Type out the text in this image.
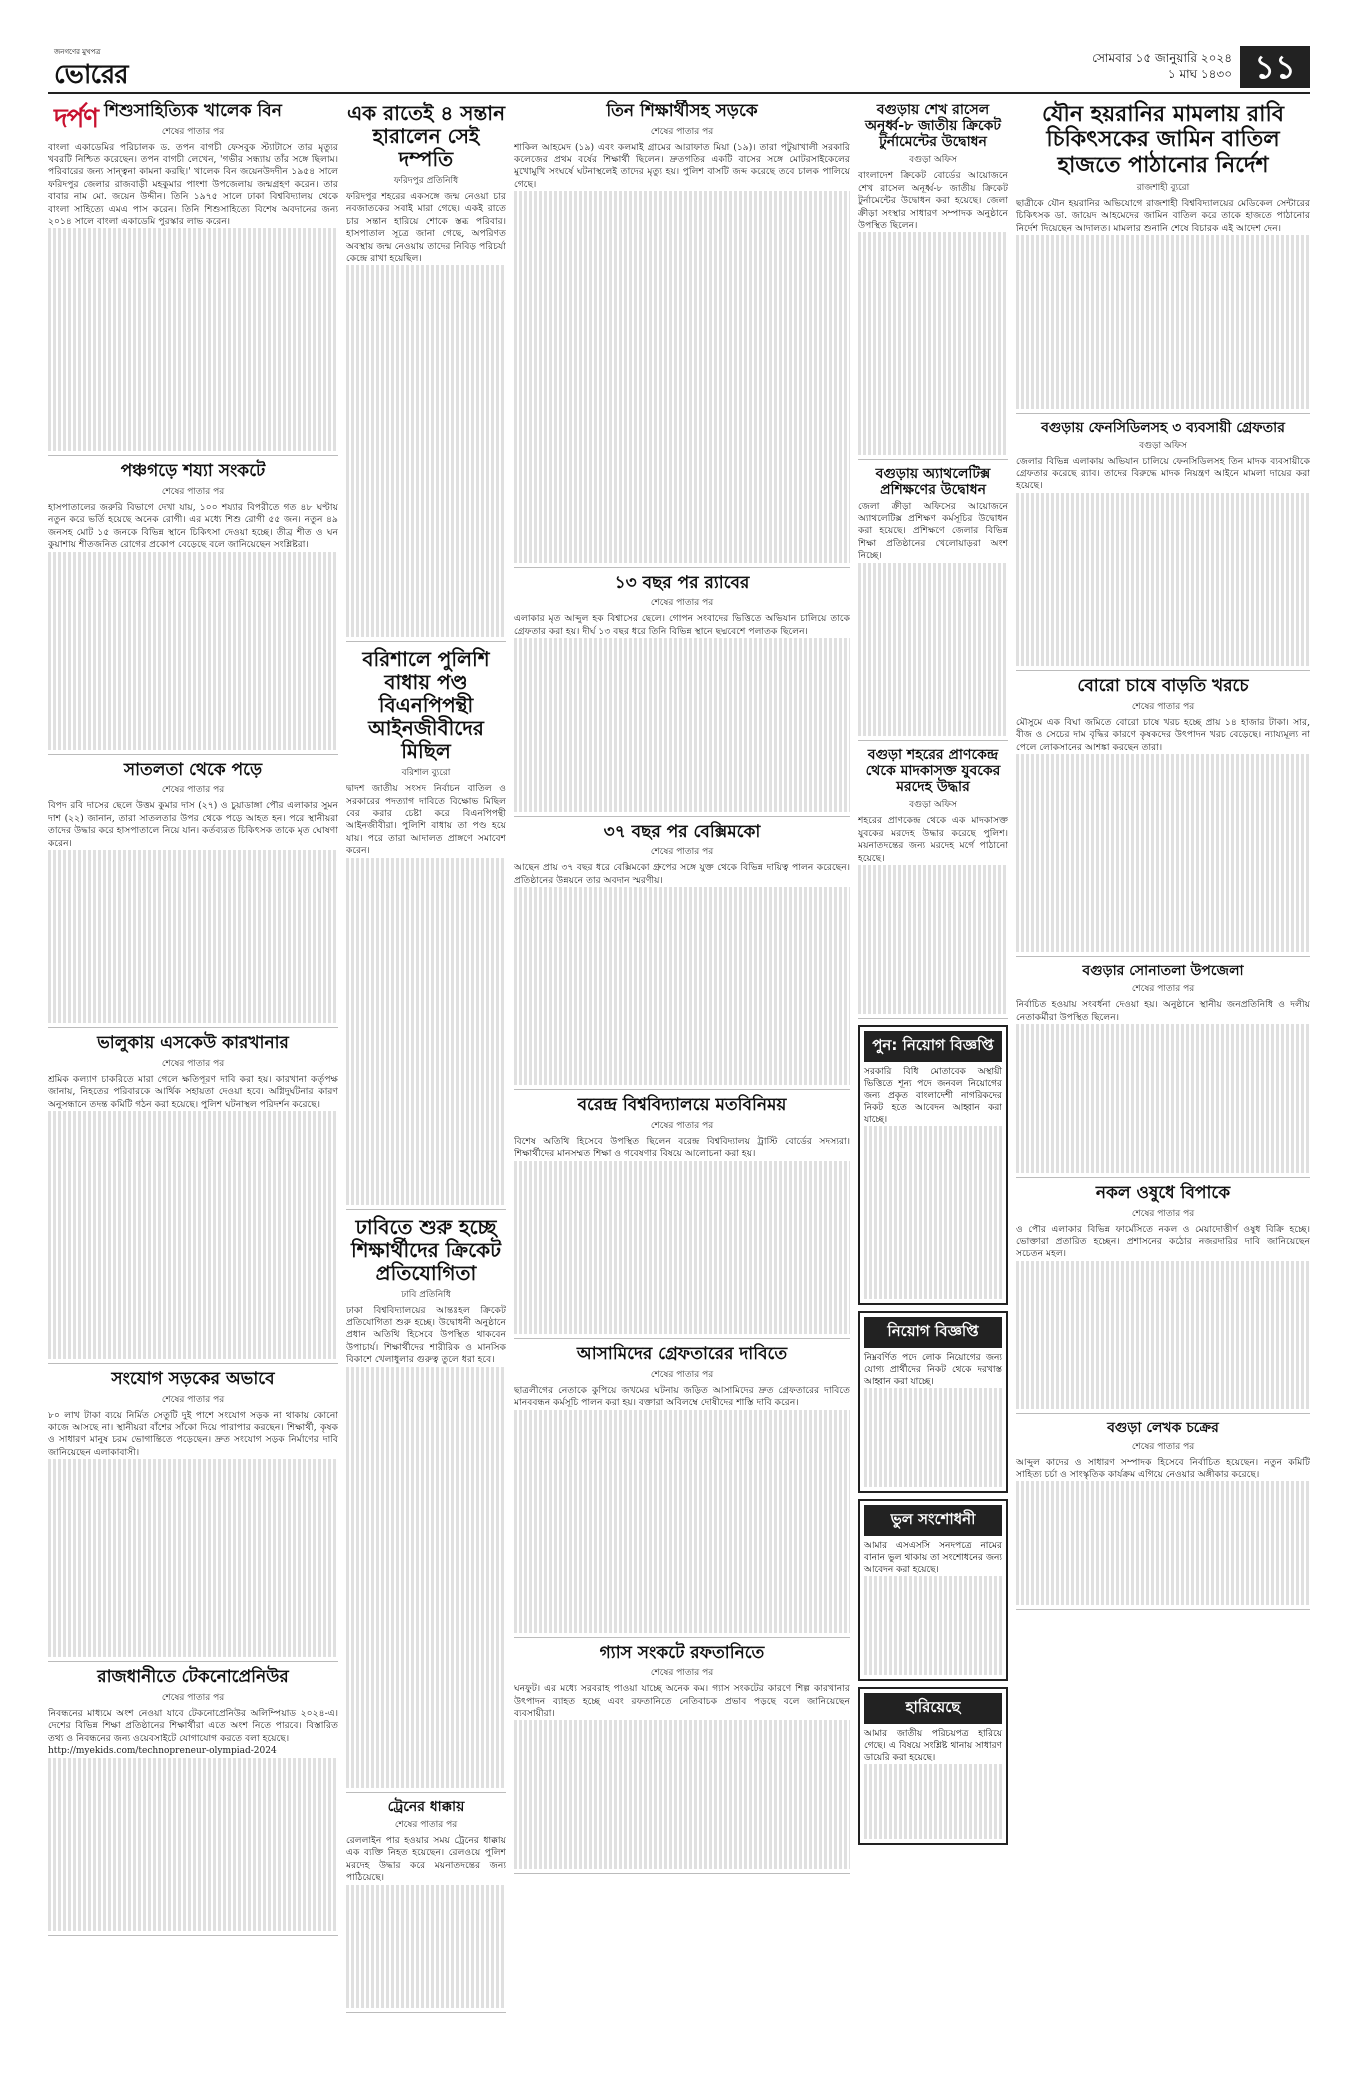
জনগণের মুখপত্র
ভোরের দর্পণ
সোমবার ১৫ জানুয়ারি ২০২৪
১ মাঘ ১৪৩০ ১১
শিশুসাহিত্যিক খালেক বিন
শেষের পাতার পর
বাংলা একাডেমির পরিচালক ড. তপন বাগচী ফেসবুক স্ট্যাটাসে তার মৃত্যুর খবরটি নিশ্চিত করেছেন। তপন বাগচী লেখেন, 'গভীর সন্ধ্যায় তাঁর সঙ্গে ছিলাম। পরিবারের জন্য সান্ত্বনা কামনা করছি।' খালেক বিন জয়েনউদদীন ১৯৫৪ সালে ফরিদপুর জেলার রাজবাড়ী মহকুমার পাংশা উপজেলায় জন্মগ্রহণ করেন। তার বাবার নাম মো. জয়েন উদ্দীন। তিনি ১৯৭৫ সালে ঢাকা বিশ্ববিদ্যালয় থেকে বাংলা সাহিত্যে এমএ পাস করেন। তিনি শিশুসাহিত্যে বিশেষ অবদানের জন্য ২০১৪ সালে বাংলা একাডেমি পুরস্কার লাভ করেন।
পঞ্চগড়ে শয্যা সংকটে
শেষের পাতার পর
হাসপাতালের জরুরি বিভাগে দেখা যায়, ১০০ শয্যার বিপরীতে গত ৪৮ ঘণ্টায় নতুন করে ভর্তি হয়েছে অনেক রোগী। এর মধ্যে শিশু রোগী ৫৫ জন। নতুন ৪৯ জনসহ মোট ১৫ জনকে বিভিন্ন স্থানে চিকিৎসা দেওয়া হচ্ছে। তীব্র শীত ও ঘন কুয়াশায় শীতজনিত রোগের প্রকোপ বেড়েছে বলে জানিয়েছেন সংশ্লিষ্টরা।
সাতলতা থেকে পড়ে
শেষের পাতার পর
বিপদ রবি দাসের ছেলে উত্তম কুমার দাস (২৭) ও চুয়াডাঙ্গা পৌর এলাকার সুমন দাশ (২২) জানান, তারা সাতলতার উপর থেকে পড়ে আহত হন। পরে স্থানীয়রা তাদের উদ্ধার করে হাসপাতালে নিয়ে যান। কর্তব্যরত চিকিৎসক তাকে মৃত ঘোষণা করেন।
ভালুকায় এসকেউ কারখানার
শেষের পাতার পর
শ্রমিক কল্যাণ চাকরিতে মারা গেলে ক্ষতিপূরণ দাবি করা হয়। কারখানা কর্তৃপক্ষ জানায়, নিহতের পরিবারকে আর্থিক সহায়তা দেওয়া হবে। অগ্নিদুর্ঘটনার কারণ অনুসন্ধানে তদন্ত কমিটি গঠন করা হয়েছে। পুলিশ ঘটনাস্থল পরিদর্শন করেছে।
সংযোগ সড়কের অভাবে
শেষের পাতার পর
৮০ লাখ টাকা ব্যয়ে নির্মিত সেতুটি দুই পাশে সংযোগ সড়ক না থাকায় কোনো কাজে আসছে না। স্থানীয়রা বাঁশের সাঁকো দিয়ে পারাপার করছেন। শিক্ষার্থী, কৃষক ও সাধারণ মানুষ চরম ভোগান্তিতে পড়েছেন। দ্রুত সংযোগ সড়ক নির্মাণের দাবি জানিয়েছেন এলাকাবাসী।
রাজধানীতে টেকনোপ্রেনিউর
শেষের পাতার পর
নিবন্ধনের মাধ্যমে অংশ নেওয়া যাবে টেকনোপ্রেনিউর অলিম্পিয়াড ২০২৪-এ। দেশের বিভিন্ন শিক্ষা প্রতিষ্ঠানের শিক্ষার্থীরা এতে অংশ নিতে পারবে। বিস্তারিত তথ্য ও নিবন্ধনের জন্য ওয়েবসাইটে যোগাযোগ করতে বলা হয়েছে।
http://myekids.com/technopreneur-olympiad-2024
এক রাতেই ৪ সন্তান হারালেন সেই দম্পতি
ফরিদপুর প্রতিনিধি
ফরিদপুর শহরের একসঙ্গে জন্ম নেওয়া চার নবজাতকের সবাই মারা গেছে। একই রাতে চার সন্তান হারিয়ে শোকে স্তব্ধ পরিবার। হাসপাতাল সূত্রে জানা গেছে, অপরিণত অবস্থায় জন্ম নেওয়ায় তাদের নিবিড় পরিচর্যা কেন্দ্রে রাখা হয়েছিল।
বরিশালে পুলিশি বাধায় পণ্ড বিএনপিপন্থী আইনজীবীদের মিছিল
বরিশাল ব্যুরো
দ্বাদশ জাতীয় সংসদ নির্বাচন বাতিল ও সরকারের পদত্যাগ দাবিতে বিক্ষোভ মিছিল বের করার চেষ্টা করে বিএনপিপন্থী আইনজীবীরা। পুলিশি বাধায় তা পণ্ড হয়ে যায়। পরে তারা আদালত প্রাঙ্গণে সমাবেশ করেন।
ঢাবিতে শুরু হচ্ছে শিক্ষার্থীদের ক্রিকেট প্রতিযোগিতা
ঢাবি প্রতিনিধি
ঢাকা বিশ্ববিদ্যালয়ের আন্তঃহল ক্রিকেট প্রতিযোগিতা শুরু হচ্ছে। উদ্বোধনী অনুষ্ঠানে প্রধান অতিথি হিসেবে উপস্থিত থাকবেন উপাচার্য। শিক্ষার্থীদের শারীরিক ও মানসিক বিকাশে খেলাধুলার গুরুত্ব তুলে ধরা হবে।
ট্রেনের ধাক্কায়
শেষের পাতার পর
রেললাইন পার হওয়ার সময় ট্রেনের ধাক্কায় এক ব্যক্তি নিহত হয়েছেন। রেলওয়ে পুলিশ মরদেহ উদ্ধার করে ময়নাতদন্তের জন্য পাঠিয়েছে।
তিন শিক্ষার্থীসহ সড়কে
শেষের পাতার পর
শাকিল আহমেদ (১৯) এবং কলমাই গ্রামের আরাফাত মিয়া (১৯)। তারা পটুয়াখালী সরকারি কলেজের প্রথম বর্ষের শিক্ষার্থী ছিলেন। দ্রুতগতির একটি বাসের সঙ্গে মোটরসাইকেলের মুখোমুখি সংঘর্ষে ঘটনাস্থলেই তাদের মৃত্যু হয়। পুলিশ বাসটি জব্দ করেছে তবে চালক পালিয়ে গেছে।
১৩ বছর পর র‍্যাবের
শেষের পাতার পর
এলাকার মৃত আব্দুল হক বিশ্বাসের ছেলে। গোপন সংবাদের ভিত্তিতে অভিযান চালিয়ে তাকে গ্রেফতার করা হয়। দীর্ঘ ১৩ বছর ধরে তিনি বিভিন্ন স্থানে ছদ্মবেশে পলাতক ছিলেন।
৩৭ বছর পর বেক্সিমকো
শেষের পাতার পর
আছেন প্রায় ৩৭ বছর ধরে বেক্সিমকো গ্রুপের সঙ্গে যুক্ত থেকে বিভিন্ন দায়িত্ব পালন করেছেন। প্রতিষ্ঠানের উন্নয়নে তার অবদান স্মরণীয়।
বরেন্দ্র বিশ্ববিদ্যালয়ে মতবিনিময়
শেষের পাতার পর
বিশেষ অতিথি হিসেবে উপস্থিত ছিলেন বরেন্দ্র বিশ্ববিদ্যালয় ট্রাস্টি বোর্ডের সদস্যরা। শিক্ষার্থীদের মানসম্মত শিক্ষা ও গবেষণার বিষয়ে আলোচনা করা হয়।
আসামিদের গ্রেফতারের দাবিতে
শেষের পাতার পর
ছাত্রলীগের নেতাকে কুপিয়ে জখমের ঘটনায় জড়িত আসামিদের দ্রুত গ্রেফতারের দাবিতে মানববন্ধন কর্মসূচি পালন করা হয়। বক্তারা অবিলম্বে দোষীদের শাস্তি দাবি করেন।
গ্যাস সংকটে রফতানিতে
শেষের পাতার পর
ঘনফুট। এর মধ্যে সরবরাহ পাওয়া যাচ্ছে অনেক কম। গ্যাস সংকটের কারণে শিল্প কারখানার উৎপাদন ব্যাহত হচ্ছে এবং রফতানিতে নেতিবাচক প্রভাব পড়ছে বলে জানিয়েছেন ব্যবসায়ীরা।
বগুড়ায় শেখ রাসেল অনূর্ধ্ব-৮ জাতীয় ক্রিকেট টুর্নামেন্টের উদ্বোধন
বগুড়া অফিস
বাংলাদেশ ক্রিকেট বোর্ডের আয়োজনে শেখ রাসেল অনূর্ধ্ব-৮ জাতীয় ক্রিকেট টুর্নামেন্টের উদ্বোধন করা হয়েছে। জেলা ক্রীড়া সংস্থার সাধারণ সম্পাদক অনুষ্ঠানে উপস্থিত ছিলেন।
বগুড়ায় অ্যাথলেটিক্স প্রশিক্ষণের উদ্বোধন
জেলা ক্রীড়া অফিসের আয়োজনে অ্যাথলেটিক্স প্রশিক্ষণ কর্মসূচির উদ্বোধন করা হয়েছে। প্রশিক্ষণে জেলার বিভিন্ন শিক্ষা প্রতিষ্ঠানের খেলোয়াড়রা অংশ নিচ্ছে।
বগুড়া শহরের প্রাণকেন্দ্র থেকে মাদকাসক্ত যুবকের মরদেহ উদ্ধার
বগুড়া অফিস
শহরের প্রাণকেন্দ্র থেকে এক মাদকাসক্ত যুবকের মরদেহ উদ্ধার করেছে পুলিশ। ময়নাতদন্তের জন্য মরদেহ মর্গে পাঠানো হয়েছে।
পুন: নিয়োগ বিজ্ঞপ্তি
সরকারি বিধি মোতাবেক অস্থায়ী ভিত্তিতে শূন্য পদে জনবল নিয়োগের জন্য প্রকৃত বাংলাদেশী নাগরিকদের নিকট হতে আবেদন আহ্বান করা যাচ্ছে।
নিয়োগ বিজ্ঞপ্তি
নিম্নবর্ণিত পদে লোক নিয়োগের জন্য যোগ্য প্রার্থীদের নিকট থেকে দরখাস্ত আহ্বান করা যাচ্ছে।
ভুল সংশোধনী
আমার এসএসসি সনদপত্রে নামের বানান ভুল থাকায় তা সংশোধনের জন্য আবেদন করা হয়েছে।
হারিয়েছে
আমার জাতীয় পরিচয়পত্র হারিয়ে গেছে। এ বিষয়ে সংশ্লিষ্ট থানায় সাধারণ ডায়েরি করা হয়েছে।
যৌন হয়রানির মামলায় রাবি চিকিৎসকের জামিন বাতিল হাজতে পাঠানোর নির্দেশ
রাজশাহী ব্যুরো
ছাত্রীকে যৌন হয়রানির অভিযোগে রাজশাহী বিশ্ববিদ্যালয়ের মেডিকেল সেন্টারের চিকিৎসক ডা. জায়েদ আহমেদের জামিন বাতিল করে তাকে হাজতে পাঠানোর নির্দেশ দিয়েছেন আদালত। মামলার শুনানি শেষে বিচারক এই আদেশ দেন।
বগুড়ায় ফেনসিডিলসহ ৩ ব্যবসায়ী গ্রেফতার
বগুড়া অফিস
জেলার বিভিন্ন এলাকায় অভিযান চালিয়ে ফেনসিডিলসহ তিন মাদক ব্যবসায়ীকে গ্রেফতার করেছে র‍্যাব। তাদের বিরুদ্ধে মাদক নিয়ন্ত্রণ আইনে মামলা দায়ের করা হয়েছে।
বোরো চাষে বাড়তি খরচে
শেষের পাতার পর
মৌসুমে এক বিঘা জমিতে বোরো চাষে খরচ হচ্ছে প্রায় ১৪ হাজার টাকা। সার, বীজ ও সেচের দাম বৃদ্ধির কারণে কৃষকদের উৎপাদন খরচ বেড়েছে। ন্যায্যমূল্য না পেলে লোকসানের আশঙ্কা করছেন তারা।
বগুড়ার সোনাতলা উপজেলা
শেষের পাতার পর
নির্বাচিত হওয়ায় সংবর্ধনা দেওয়া হয়। অনুষ্ঠানে স্থানীয় জনপ্রতিনিধি ও দলীয় নেতাকর্মীরা উপস্থিত ছিলেন।
নকল ওষুধে বিপাকে
শেষের পাতার পর
ও পৌর এলাকার বিভিন্ন ফার্মেসিতে নকল ও মেয়াদোত্তীর্ণ ওষুধ বিক্রি হচ্ছে। ভোক্তারা প্রতারিত হচ্ছেন। প্রশাসনের কঠোর নজরদারির দাবি জানিয়েছেন সচেতন মহল।
বগুড়া লেখক চক্রের
শেষের পাতার পর
আব্দুল কাদের ও সাধারণ সম্পাদক হিসেবে নির্বাচিত হয়েছেন। নতুন কমিটি সাহিত্য চর্চা ও সাংস্কৃতিক কার্যক্রম এগিয়ে নেওয়ার অঙ্গীকার করেছে।
